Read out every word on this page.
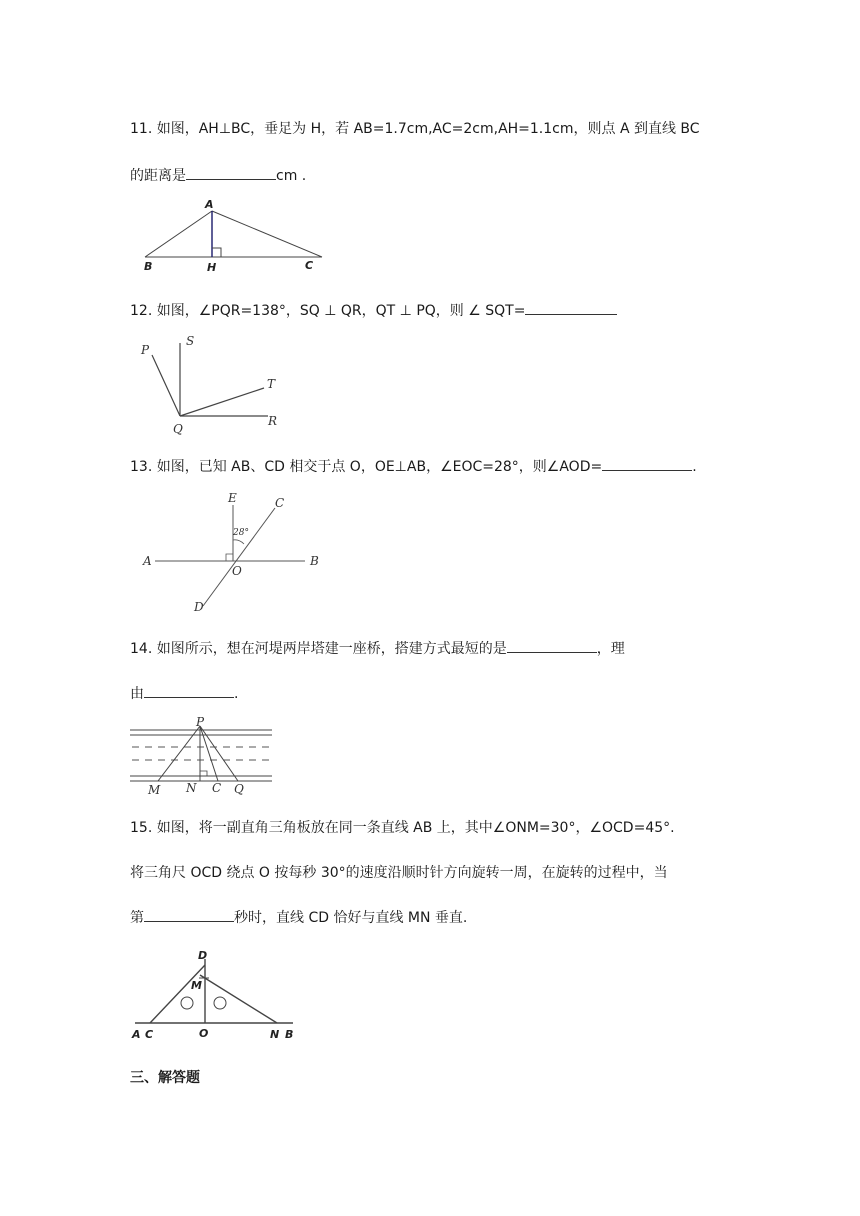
11. 如图，AH⊥BC，垂足为 H，若 AB=1.7cm,AC=2cm,AH=1.1cm，则点 A 到直线 BC
的距离是	cm .
A
B	H	C
12. 如图，∠PQR=138°，SQ ⊥ QR，QT ⊥ PQ，则 ∠ SQT=
P
S
T
Q
R
13. 如图，已知 AB、CD 相交于点 O，OE⊥AB，∠EOC=28°，则∠AOD=	.
E	C
A	B
O
D
28°
14. 如图所示，想在河堤两岸塔建一座桥，搭建方式最短的是	，理
由	.
P
M N C Q
15. 如图，将一副直角三角板放在同一条直线 AB 上，其中∠ONM=30°，∠OCD=45°.
将三角尺 OCD 绕点 O 按每秒 30°的速度沿顺时针方向旋转一周，在旋转的过程中，当
第	秒时，直线 CD 恰好与直线 MN 垂直.
D
M
A C	O	N B
三、解答题
